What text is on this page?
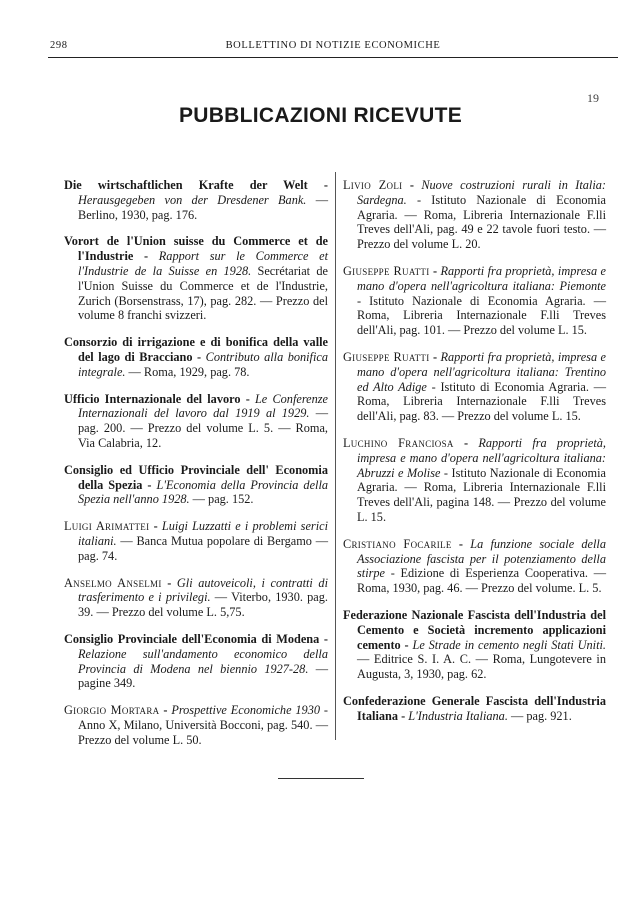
298	BOLLETTINO DI NOTIZIE ECONOMICHE
19
PUBBLICAZIONI RICEVUTE

Die wirtschaftlichen Krafte der Welt - Herausgegeben von der Dresdener Bank. — Berlino, 1930, pag. 176.

Vorort de l'Union suisse du Commerce et de l'Industrie - Rapport sur le Commerce et l'Industrie de la Suisse en 1928. Secrétariat de l'Union Suisse du Commerce et de l'Industrie, Zurich (Borsenstrass, 17), pag. 282. — Prezzo del volume 8 franchi svizzeri.

Consorzio di irrigazione e di bonifica della valle del lago di Bracciano - Contributo alla bonifica integrale. — Roma, 1929, pag. 78.

Ufficio Internazionale del lavoro - Le Conferenze Internazionali del lavoro dal 1919 al 1929. — pag. 200. — Prezzo del volume L. 5. — Roma, Via Calabria, 12.

Consiglio ed Ufficio Provinciale dell' Economia della Spezia - L'Economia della Provincia della Spezia nell'anno 1928. — pag. 152.

Luigi Arimattei - Luigi Luzzatti e i problemi serici italiani. — Banca Mutua popolare di Bergamo — pag. 74.

Anselmo Anselmi - Gli autoveicoli, i contratti di trasferimento e i privilegi. — Viterbo, 1930. pag. 39. — Prezzo del volume L. 5,75.

Consiglio Provinciale dell'Economia di Modena - Relazione sull'andamento economico della Provincia di Modena nel biennio 1927-28. — pagine 349.

Giorgio Mortara - Prospettive Economiche 1930 - Anno X, Milano, Università Bocconi, pag. 540. — Prezzo del volume L. 50.

Livio Zoli - Nuove costruzioni rurali in Italia: Sardegna. - Istituto Nazionale di Economia Agraria. — Roma, Libreria Internazionale F.lli Treves dell'Ali, pag. 49 e 22 tavole fuori testo. — Prezzo del volume L. 20.

Giuseppe Ruatti - Rapporti fra proprietà, impresa e mano d'opera nell'agricoltura italiana: Piemonte - Istituto Nazionale di Economia Agraria. — Roma, Libreria Internazionale F.lli Treves dell'Ali, pag. 101. — Prezzo del volume L. 15.

Giuseppe Ruatti - Rapporti fra proprietà, impresa e mano d'opera nell'agricoltura italiana: Trentino ed Alto Adige - Istituto di Economia Agraria. — Roma, Libreria Internazionale F.lli Treves dell'Ali, pag. 83. — Prezzo del volume L. 15.

Luchino Franciosa - Rapporti fra proprietà, impresa e mano d'opera nell'agricoltura italiana: Abruzzi e Molise - Istituto Nazionale di Economia Agraria. — Roma, Libreria Internazionale F.lli Treves dell'Ali, pagina 148. — Prezzo del volume L. 15.

Cristiano Focarile - La funzione sociale della Associazione fascista per il potenziamento della stirpe - Edizione di Esperienza Cooperativa. — Roma, 1930, pag. 46. — Prezzo del volume. L. 5.

Federazione Nazionale Fascista dell'Industria del Cemento e Società incremento applicazioni cemento - Le Strade in cemento negli Stati Uniti. — Editrice S. I. A. C. — Roma, Lungotevere in Augusta, 3, 1930, pag. 62.

Confederazione Generale Fascista dell'Industria Italiana - L'Industria Italiana. — pag. 921.
